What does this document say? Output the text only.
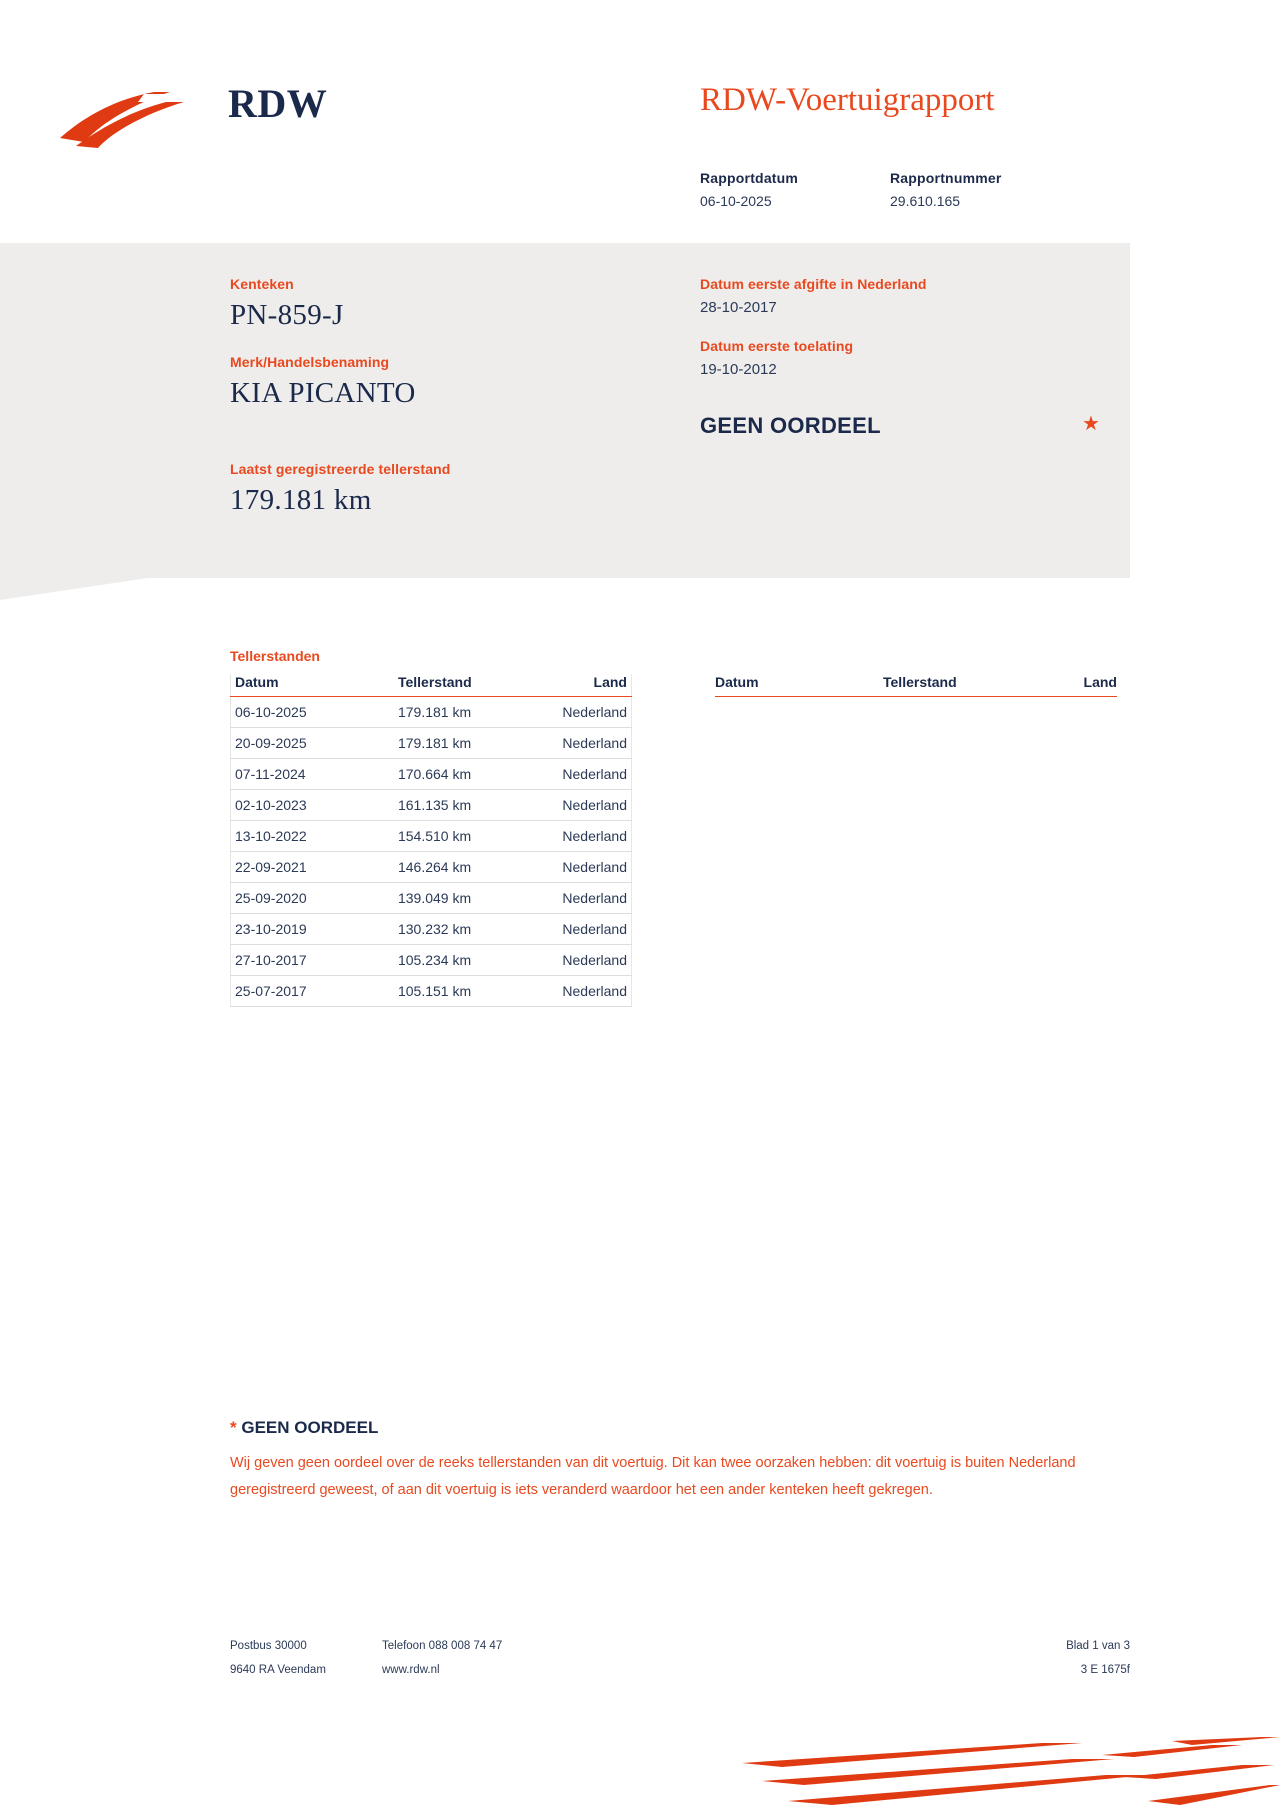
RDW	RDW-Voertuigrapport
Rapportdatum
06-10-2025
Rapportnummer
29.610.165
Kenteken
PN-859-J
Merk/Handelsbenaming
KIA PICANTO
Datum eerste afgifte in Nederland
28-10-2017
Datum eerste toelating
19-10-2012
GEEN OORDEEL	★
Laatst geregistreerde tellerstand
179.181 km
Tellerstanden
Datum	Tellerstand	Land
06-10-2025	179.181 km	Nederland
20-09-2025	179.181 km	Nederland
07-11-2024	170.664 km	Nederland
02-10-2023	161.135 km	Nederland
13-10-2022	154.510 km	Nederland
22-09-2021	146.264 km	Nederland
25-09-2020	139.049 km	Nederland
23-10-2019	130.232 km	Nederland
27-10-2017	105.234 km	Nederland
25-07-2017	105.151 km	Nederland
Datum	Tellerstand	Land
* GEEN OORDEEL
Wij geven geen oordeel over de reeks tellerstanden van dit voertuig. Dit kan twee oorzaken hebben: dit voertuig is buiten Nederland geregistreerd geweest, of aan dit voertuig is iets veranderd waardoor het een ander kenteken heeft gekregen.
Postbus 30000	Telefoon 088 008 74 47	Blad 1 van 3
9640 RA Veendam	www.rdw.nl	3 E 1675f
